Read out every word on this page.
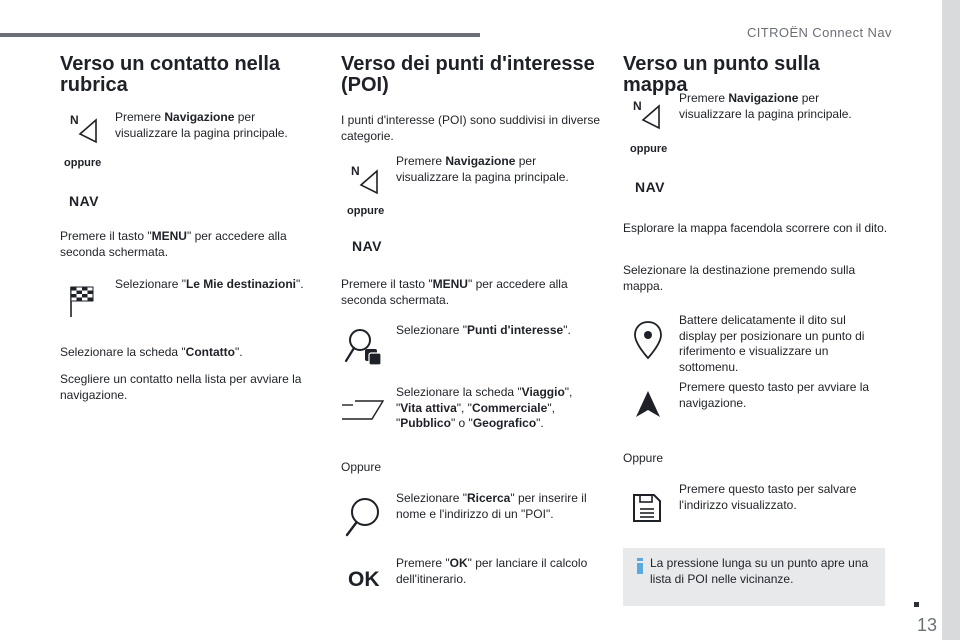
CITROËN Connect Nav
13
Verso un contatto nella rubrica
N	Premere Navigazione per visualizzare la pagina principale.
oppure
NAV
Premere il tasto "MENU" per accedere alla seconda schermata.
Selezionare "Le Mie destinazioni".
Selezionare la scheda "Contatto".
Scegliere un contatto nella lista per avviare la navigazione.
Verso dei punti d'interesse (POI)
I punti d'interesse (POI) sono suddivisi in diverse categorie.
N
Premere Navigazione per visualizzare la pagina principale.
oppure
NAV
Premere il tasto "MENU" per accedere alla seconda schermata.
Selezionare "Punti d'interesse".
Selezionare la scheda "Viaggio", "Vita attiva", "Commerciale", "Pubblico" o "Geografico".
Oppure
Selezionare "Ricerca" per inserire il nome e l'indirizzo di un "POI".
OK
Premere "OK" per lanciare il calcolo dell'itinerario.
Verso un punto sulla mappa
N
Premere Navigazione per visualizzare la pagina principale.
oppure
NAV
Esplorare la mappa facendola scorrere con il dito.
Selezionare la destinazione premendo sulla mappa.
Battere delicatamente il dito sul display per posizionare un punto di riferimento e visualizzare un sottomenu.
Premere questo tasto per avviare la navigazione.
Oppure
Premere questo tasto per salvare l'indirizzo visualizzato.
La pressione lunga su un punto apre una lista di POI nelle vicinanze.
